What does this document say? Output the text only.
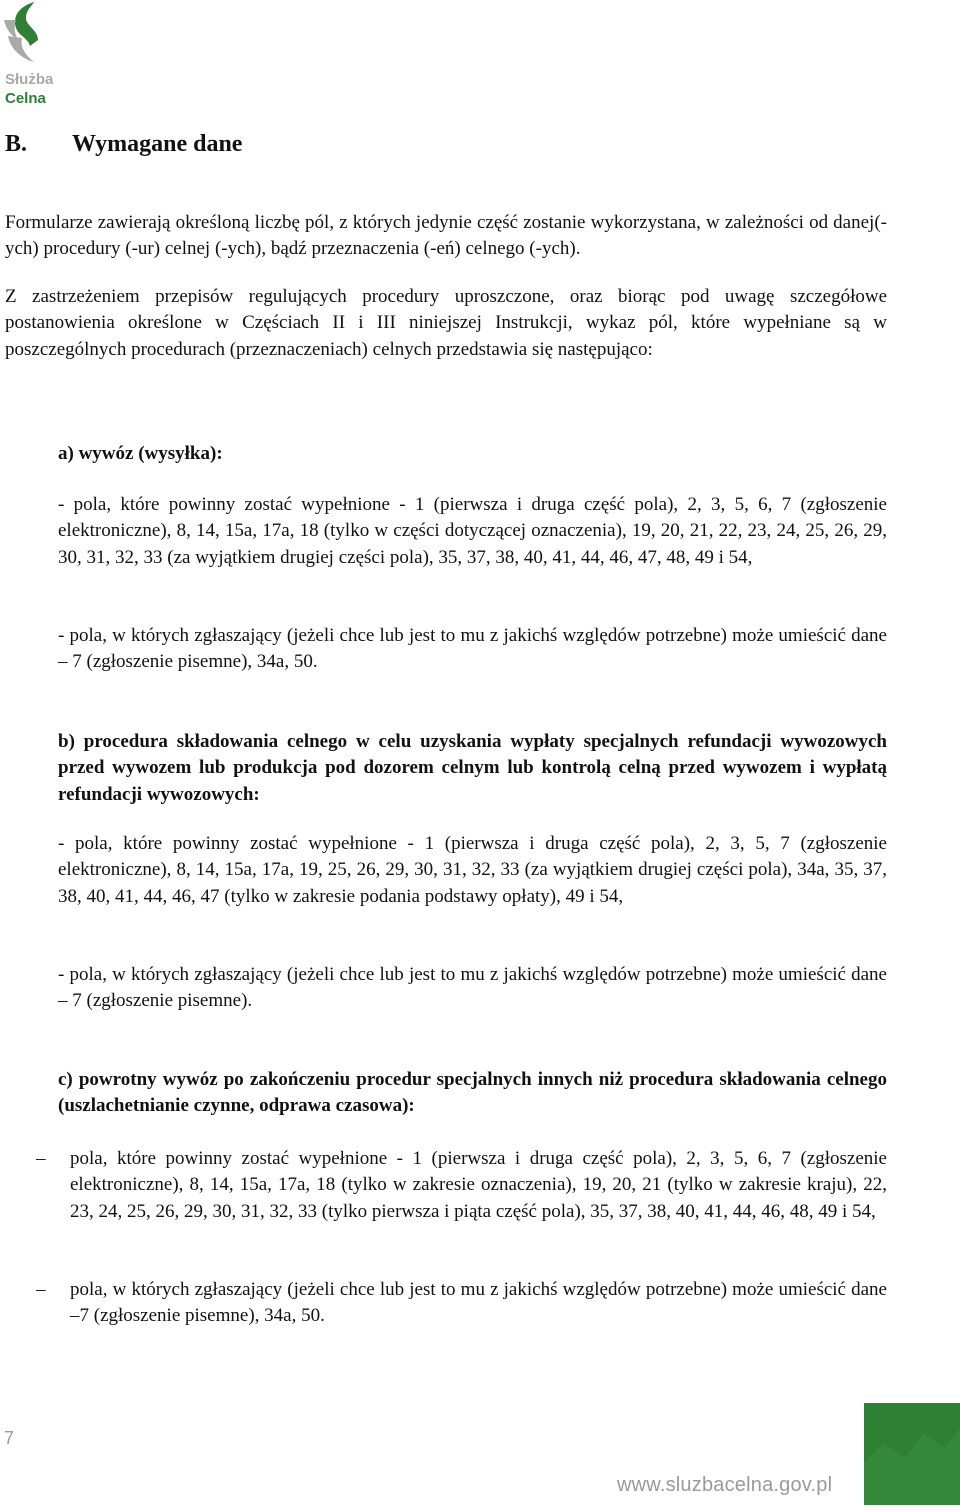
Służba
Celna
B.	Wymagane dane

Formularze zawierają określoną liczbę pól, z których jedynie część zostanie wykorzystana, w zależności od danej(-ych) procedury (-ur) celnej (-ych), bądź przeznaczenia (-eń) celnego (-ych).

Z zastrzeżeniem przepisów regulujących procedury uproszczone, oraz biorąc pod uwagę szczegółowe postanowienia określone w Częściach II i III niniejszej Instrukcji, wykaz pól, które wypełniane są w poszczególnych procedurach (przeznaczeniach) celnych przedstawia się następująco:

a) wywóz (wysyłka):

- pola, które powinny zostać wypełnione - 1 (pierwsza i druga część pola), 2, 3, 5, 6, 7 (zgłoszenie elektroniczne), 8, 14, 15a, 17a, 18 (tylko w części dotyczącej oznaczenia), 19, 20, 21, 22, 23, 24, 25, 26, 29, 30, 31, 32, 33 (za wyjątkiem drugiej części pola), 35, 37, 38, 40, 41, 44, 46, 47, 48, 49 i 54,

- pola, w których zgłaszający (jeżeli chce lub jest to mu z jakichś względów potrzebne) może umieścić dane – 7 (zgłoszenie pisemne), 34a, 50.

b) procedura składowania celnego w celu uzyskania wypłaty specjalnych refundacji wywozowych przed wywozem lub produkcja pod dozorem celnym lub kontrolą celną przed wywozem i wypłatą refundacji wywozowych:

- pola, które powinny zostać wypełnione - 1 (pierwsza i druga część pola), 2, 3, 5, 7 (zgłoszenie elektroniczne), 8, 14, 15a, 17a, 19, 25, 26, 29, 30, 31, 32, 33 (za wyjątkiem drugiej części pola), 34a, 35, 37, 38, 40, 41, 44, 46, 47 (tylko w zakresie podania podstawy opłaty), 49 i 54,

- pola, w których zgłaszający (jeżeli chce lub jest to mu z jakichś względów potrzebne) może umieścić dane – 7 (zgłoszenie pisemne).

c) powrotny wywóz po zakończeniu procedur specjalnych innych niż procedura składowania celnego (uszlachetnianie czynne, odprawa czasowa):

–	pola, które powinny zostać wypełnione - 1 (pierwsza i druga część pola), 2, 3, 5, 6, 7 (zgłoszenie elektroniczne), 8, 14, 15a, 17a, 18 (tylko w zakresie oznaczenia), 19, 20, 21 (tylko w zakresie kraju), 22, 23, 24, 25, 26, 29, 30, 31, 32, 33 (tylko pierwsza i piąta część pola), 35, 37, 38, 40, 41, 44, 46, 48, 49 i 54,
–	pola, w których zgłaszający (jeżeli chce lub jest to mu z jakichś względów potrzebne) może umieścić dane –7 (zgłoszenie pisemne), 34a, 50.
7
www.sluzbacelna.gov.pl
